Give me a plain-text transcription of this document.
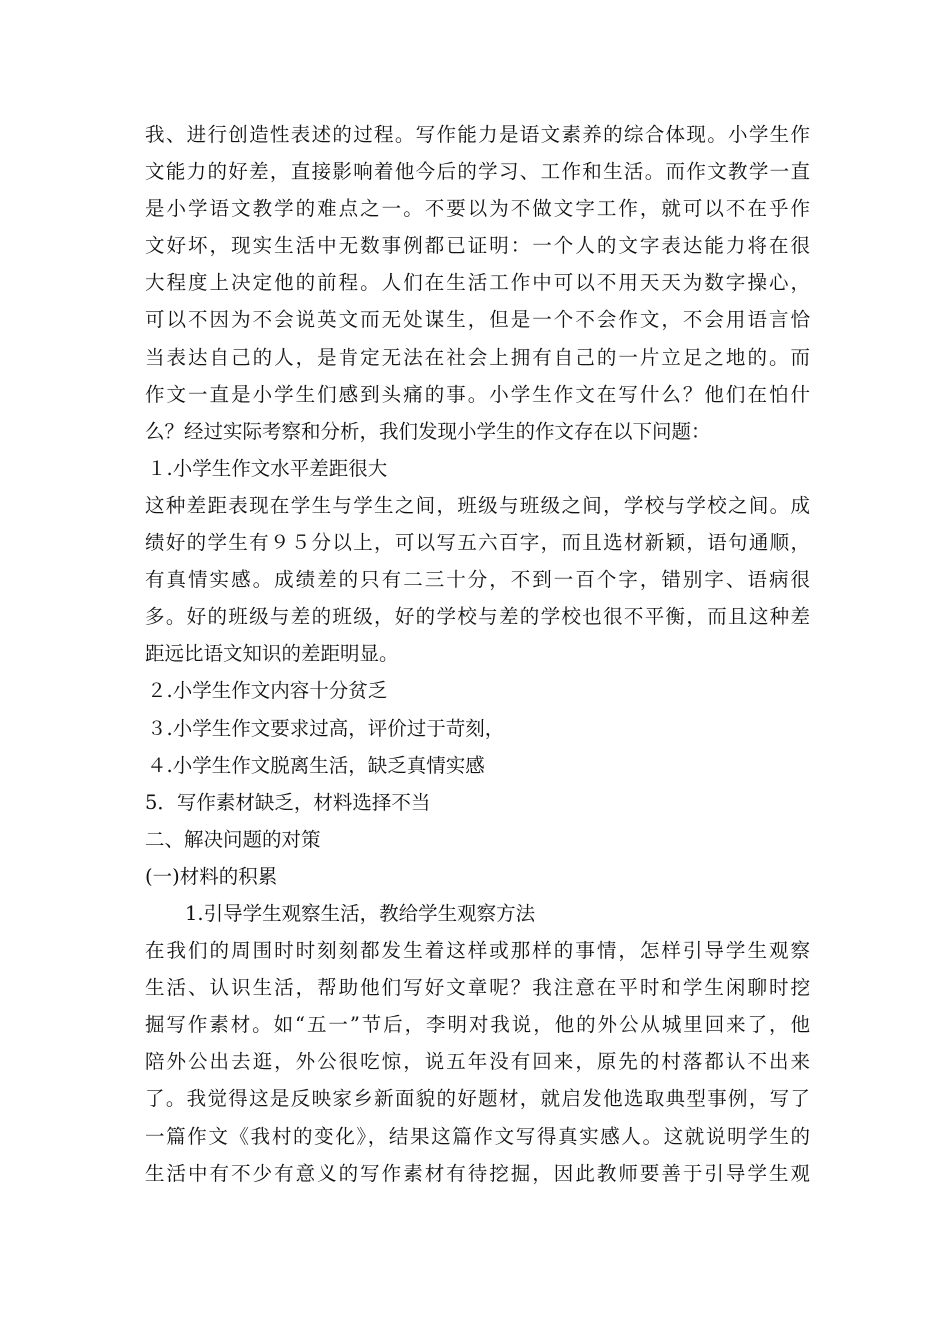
我、进行创造性表述的过程。写作能力是语文素养的综合体现。小学生作
文能力的好差，直接影响着他今后的学习、工作和生活。而作文教学一直
是小学语文教学的难点之一。不要以为不做文字工作，就可以不在乎作
文好坏，现实生活中无数事例都已证明：一个人的文字表达能力将在很
大程度上决定他的前程。人们在生活工作中可以不用天天为数字操心，
可以不因为不会说英文而无处谋生，但是一个不会作文，不会用语言恰
当表达自己的人，是肯定无法在社会上拥有自己的一片立足之地的。而
作文一直是小学生们感到头痛的事。小学生作文在写什么？他们在怕什
么？经过实际考察和分析，我们发现小学生的作文存在以下问题：
１.小学生作文水平差距很大
这种差距表现在学生与学生之间，班级与班级之间，学校与学校之间。成
绩好的学生有９５分以上，可以写五六百字，而且选材新颖，语句通顺，
有真情实感。成绩差的只有二三十分，不到一百个字，错别字、语病很
多。好的班级与差的班级，好的学校与差的学校也很不平衡，而且这种差
距远比语文知识的差距明显。
２.小学生作文内容十分贫乏
３.小学生作文要求过高，评价过于苛刻，
４.小学生作文脱离生活，缺乏真情实感
5．写作素材缺乏，材料选择不当
二、解决问题的对策
(一)材料的积累
1.引导学生观察生活，教给学生观察方法
在我们的周围时时刻刻都发生着这样或那样的事情，怎样引导学生观察
生活、认识生活，帮助他们写好文章呢？我注意在平时和学生闲聊时挖
掘写作素材。如“五一”节后，李明对我说，他的外公从城里回来了，他
陪外公出去逛，外公很吃惊，说五年没有回来，原先的村落都认不出来
了。我觉得这是反映家乡新面貌的好题材，就启发他选取典型事例，写了
一篇作文《我村的变化》，结果这篇作文写得真实感人。这就说明学生的
生活中有不少有意义的写作素材有待挖掘，因此教师要善于引导学生观
